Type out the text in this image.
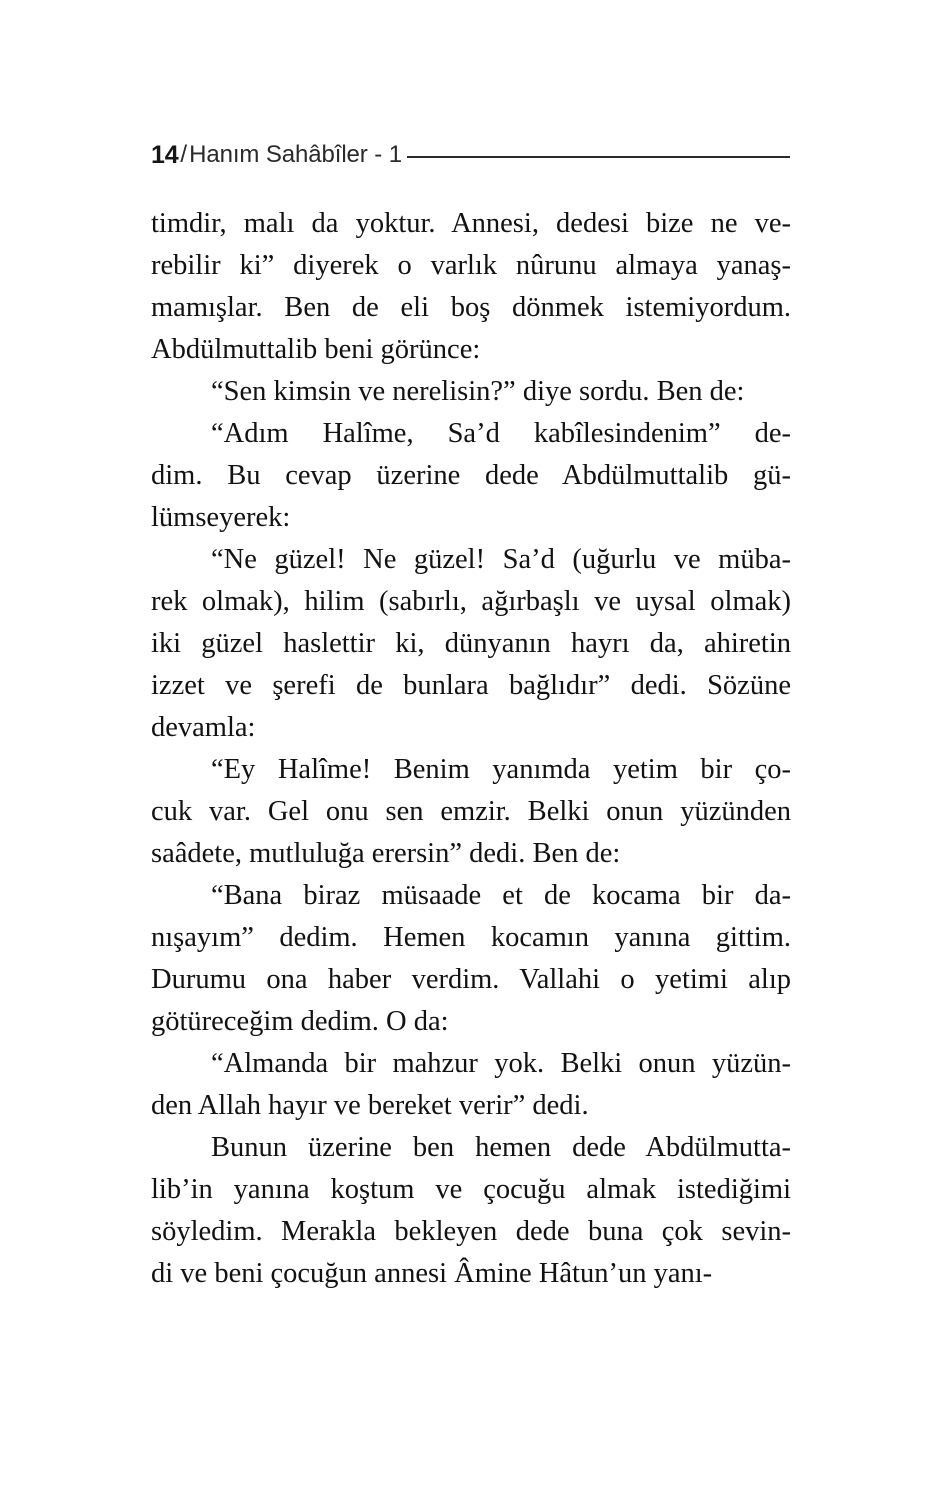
14 / Hanım Sahâbîler - 1

timdir, malı da yoktur. Annesi, dedesi bize ne ve-
rebilir ki” diyerek o varlık nûrunu almaya yanaş-
mamışlar. Ben de eli boş dönmek istemiyordum.
Abdülmuttalib beni görünce:

“Sen kimsin ve nerelisin?” diye sordu. Ben de:

“Adım Halîme, Sa’d kabîlesindenim” de-
dim. Bu cevap üzerine dede Abdülmuttalib gü-
lümseyerek:

“Ne güzel! Ne güzel! Sa’d (uğurlu ve müba-
rek olmak), hilim (sabırlı, ağırbaşlı ve uysal olmak)
iki güzel haslettir ki, dünyanın hayrı da, ahiretin
izzet ve şerefi de bunlara bağlıdır” dedi. Sözüne
devamla:

“Ey Halîme! Benim yanımda yetim bir ço-
cuk var. Gel onu sen emzir. Belki onun yüzünden
saâdete, mutluluğa erersin” dedi. Ben de:

“Bana biraz müsaade et de kocama bir da-
nışayım” dedim. Hemen kocamın yanına gittim.
Durumu ona haber verdim. Vallahi o yetimi alıp
götüreceğim dedim. O da:

“Almanda bir mahzur yok. Belki onun yüzün-
den Allah hayır ve bereket verir” dedi.

Bunun üzerine ben hemen dede Abdülmutta-
lib’in yanına koştum ve çocuğu almak istediğimi
söyledim. Merakla bekleyen dede buna çok sevin-
di ve beni çocuğun annesi Âmine Hâtun’un yanı-
